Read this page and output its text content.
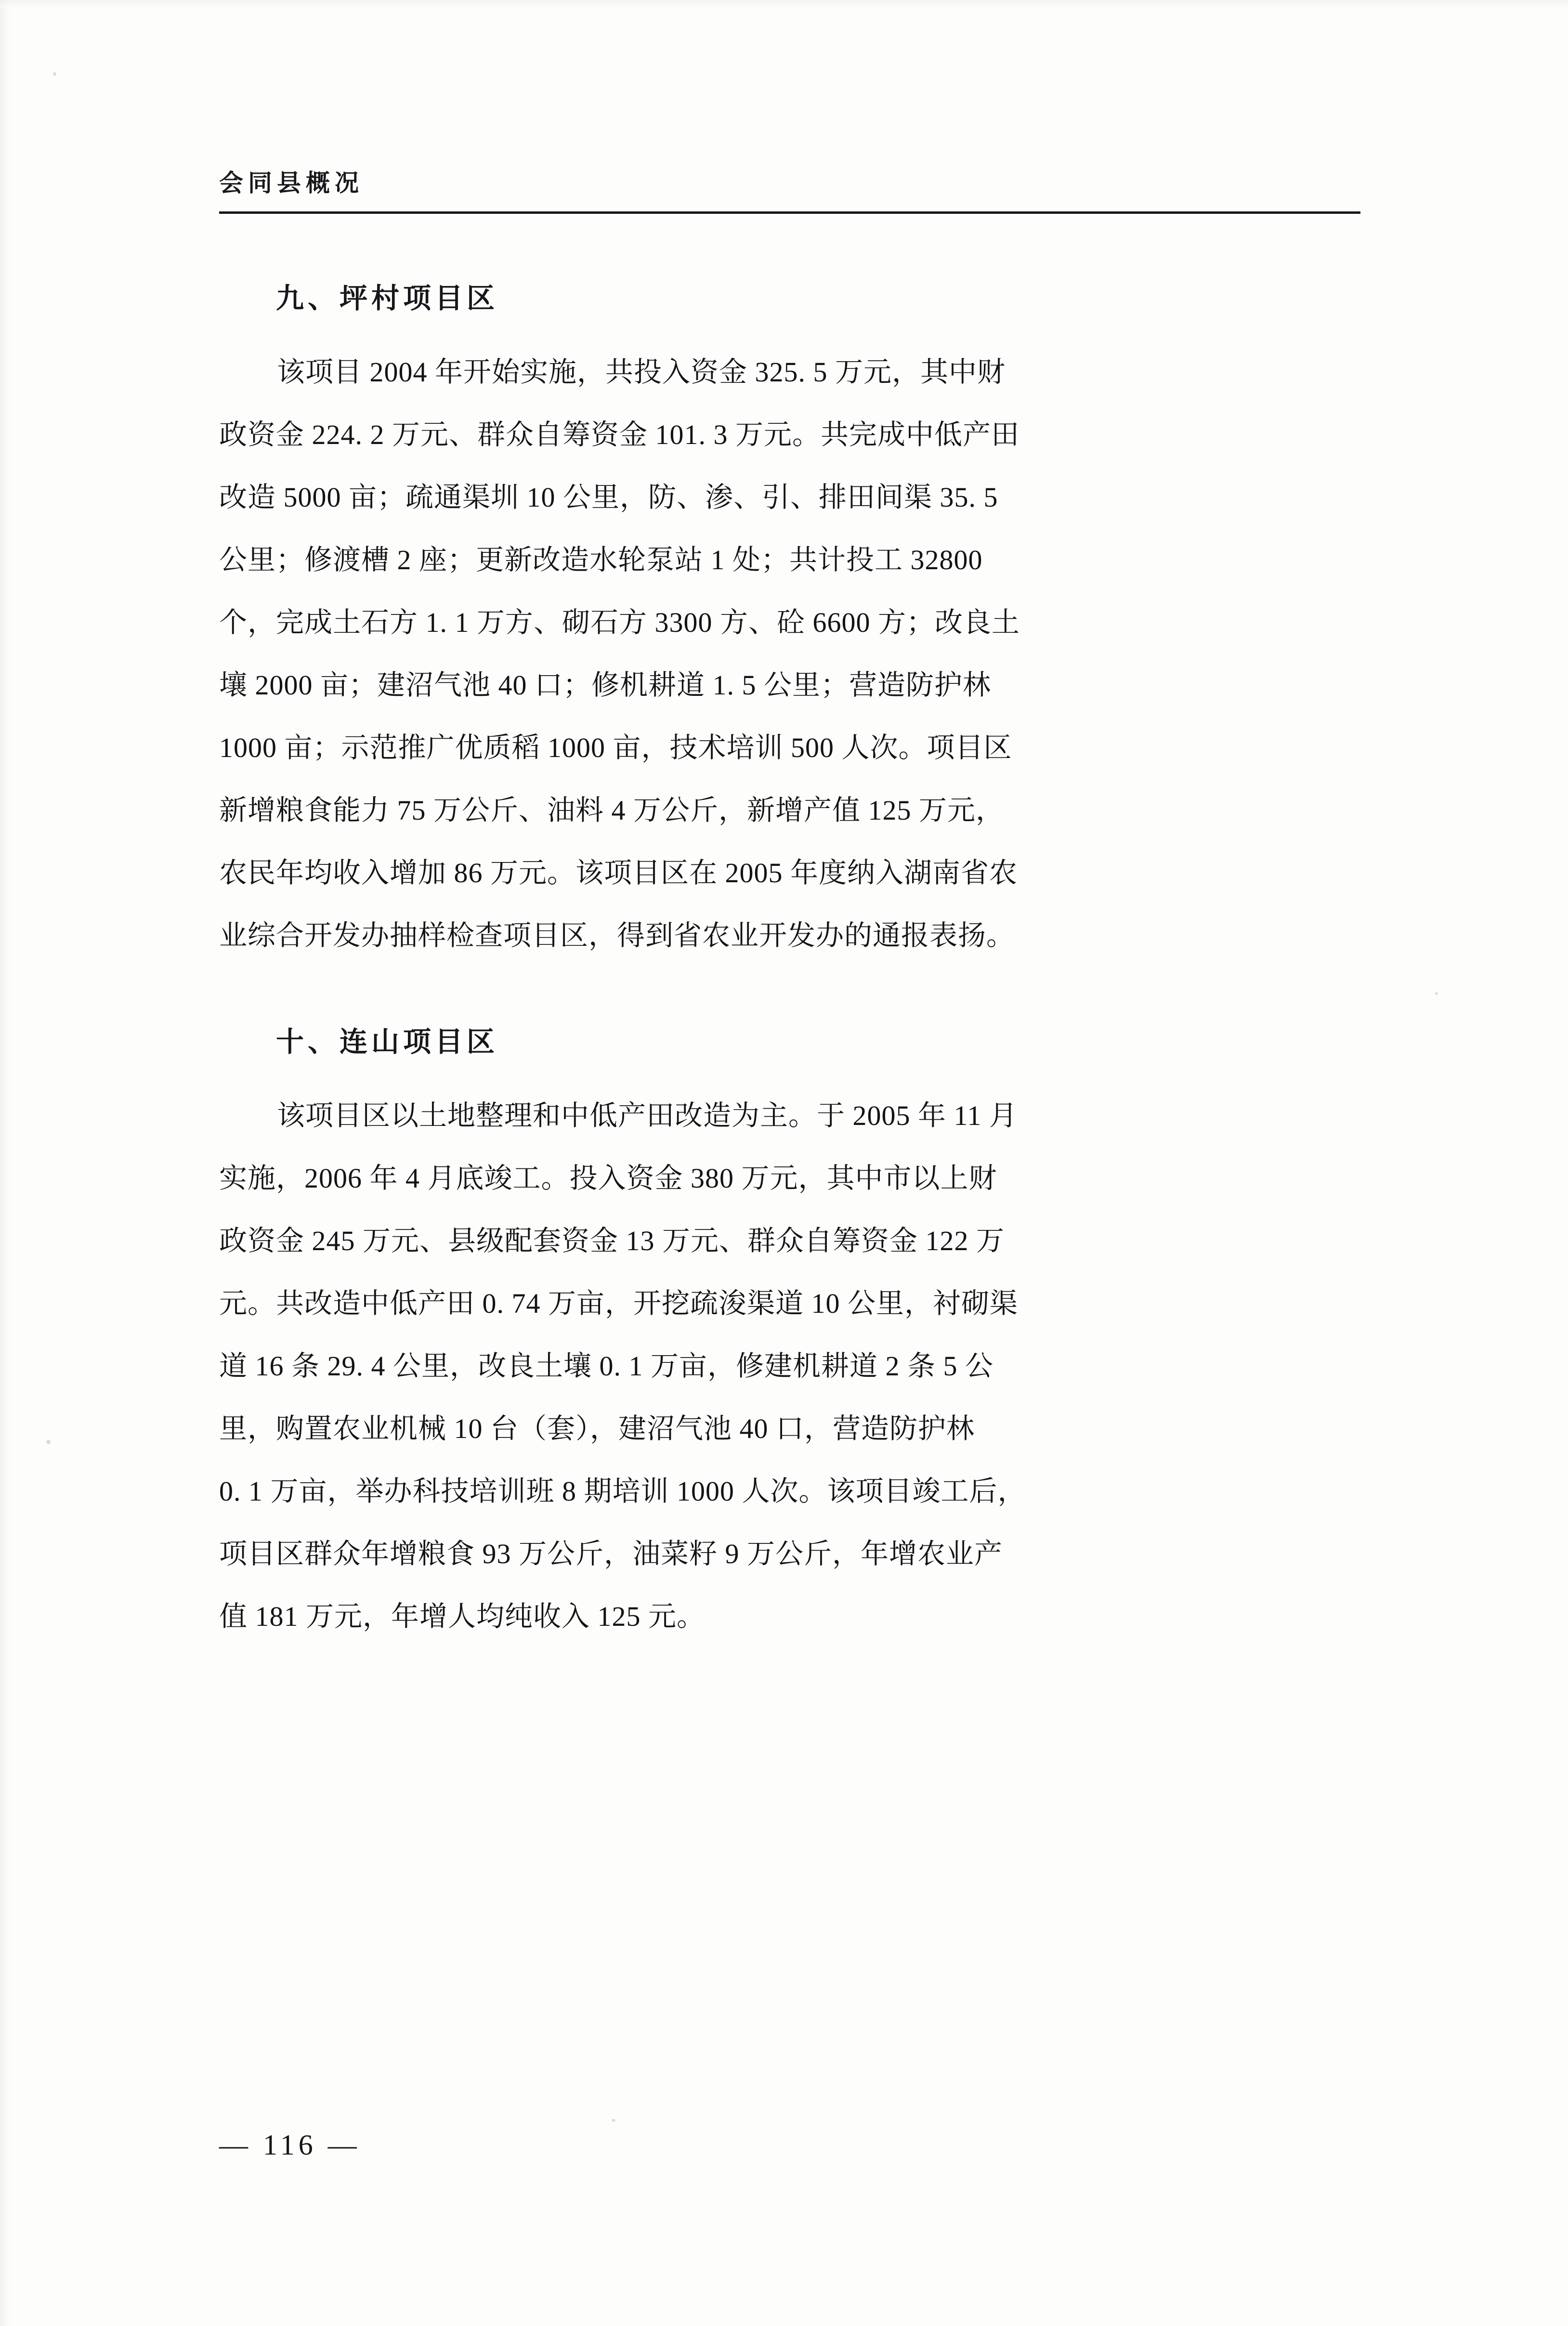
会同县概况
九、坪村项目区
该项目 2004 年开始实施，共投入资金 325. 5 万元，其中财
政资金 224. 2 万元、群众自筹资金 101. 3 万元。共完成中低产田
改造 5000 亩；疏通渠圳 10 公里，防、渗、引、排田间渠 35. 5
公里；修渡槽 2 座；更新改造水轮泵站 1 处；共计投工 32800
个，完成土石方 1. 1 万方、砌石方 3300 方、砼 6600 方；改良土
壤 2000 亩；建沼气池 40 口；修机耕道 1. 5 公里；营造防护林
1000 亩；示范推广优质稻 1000 亩，技术培训 500 人次。项目区
新增粮食能力 75 万公斤、油料 4 万公斤，新增产值 125 万元，
农民年均收入增加 86 万元。该项目区在 2005 年度纳入湖南省农
业综合开发办抽样检查项目区，得到省农业开发办的通报表扬。
十、连山项目区
该项目区以土地整理和中低产田改造为主。于 2005 年 11 月
实施，2006 年 4 月底竣工。投入资金 380 万元，其中市以上财
政资金 245 万元、县级配套资金 13 万元、群众自筹资金 122 万
元。共改造中低产田 0. 74 万亩，开挖疏浚渠道 10 公里，衬砌渠
道 16 条 29. 4 公里，改良土壤 0. 1 万亩，修建机耕道 2 条 5 公
里，购置农业机械 10 台（套），建沼气池 40 口，营造防护林
0. 1 万亩，举办科技培训班 8 期培训 1000 人次。该项目竣工后，
项目区群众年增粮食 93 万公斤，油菜籽 9 万公斤，年增农业产
值 181 万元，年增人均纯收入 125 元。
— 116 —
